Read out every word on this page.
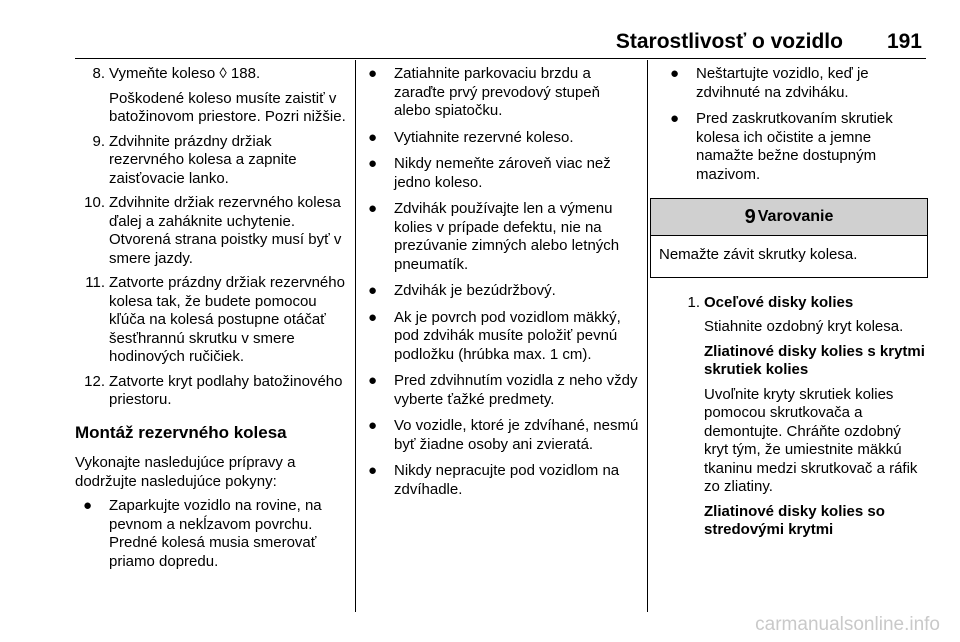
Starostlivosť o vozidlo 191
8. Vymeňte koleso ◊ 188.
Poškodené koleso musíte zaistiť v batožinovom priestore. Pozri nižšie.
9. Zdvihnite prázdny držiak rezervného kolesa a zapnite zaisťovacie lanko.
10. Zdvihnite držiak rezervného kolesa ďalej a zaháknite uchytenie. Otvorená strana poistky musí byť v smere jazdy.
11. Zatvorte prázdny držiak rezervného kolesa tak, že budete pomocou kľúča na kolesá postupne otáčať šesťhrannú skrutku v smere hodinových ručičiek.
12. Zatvorte kryt podlahy batožinového priestoru.
Montáž rezervného kolesa
Vykonajte nasledujúce prípravy a dodržujte nasledujúce pokyny:
●	Zaparkujte vozidlo na rovine, na pevnom a nekĺzavom povrchu. Predné kolesá musia smerovať priamo dopredu.
●	Zatiahnite parkovaciu brzdu a zaraďte prvý prevodový stupeň alebo spiatočku.
●	Vytiahnite rezervné koleso.
●	Nikdy nemeňte zároveň viac než jedno koleso.
●	Zdvihák používajte len a výmenu kolies v prípade defektu, nie na prezúvanie zimných alebo letných pneumatík.
●	Zdvihák je bezúdržbový.
●	Ak je povrch pod vozidlom mäkký, pod zdvihák musíte položiť pevnú podložku (hrúbka max. 1 cm).
●	Pred zdvihnutím vozidla z neho vždy vyberte ťažké predmety.
●	Vo vozidle, ktoré je zdvíhané, nesmú byť žiadne osoby ani zvieratá.
●	Nikdy nepracujte pod vozidlom na zdvíhadle.
●	Neštartujte vozidlo, keď je zdvihnuté na zdviháku.
●	Pred zaskrutkovaním skrutiek kolesa ich očistite a jemne namažte bežne dostupným mazivom.
9 Varovanie
Nemažte závit skrutky kolesa.
1. Oceľové disky kolies
Stiahnite ozdobný kryt kolesa.
Zliatinové disky kolies s krytmi skrutiek kolies
Uvoľnite kryty skrutiek kolies pomocou skrutkovača a demontujte. Chráňte ozdobný kryt tým, že umiestnite mäkkú tkaninu medzi skrutkovač a ráfik zo zliatiny.
Zliatinové disky kolies so stredovými krytmi
carmanualsonline.info
